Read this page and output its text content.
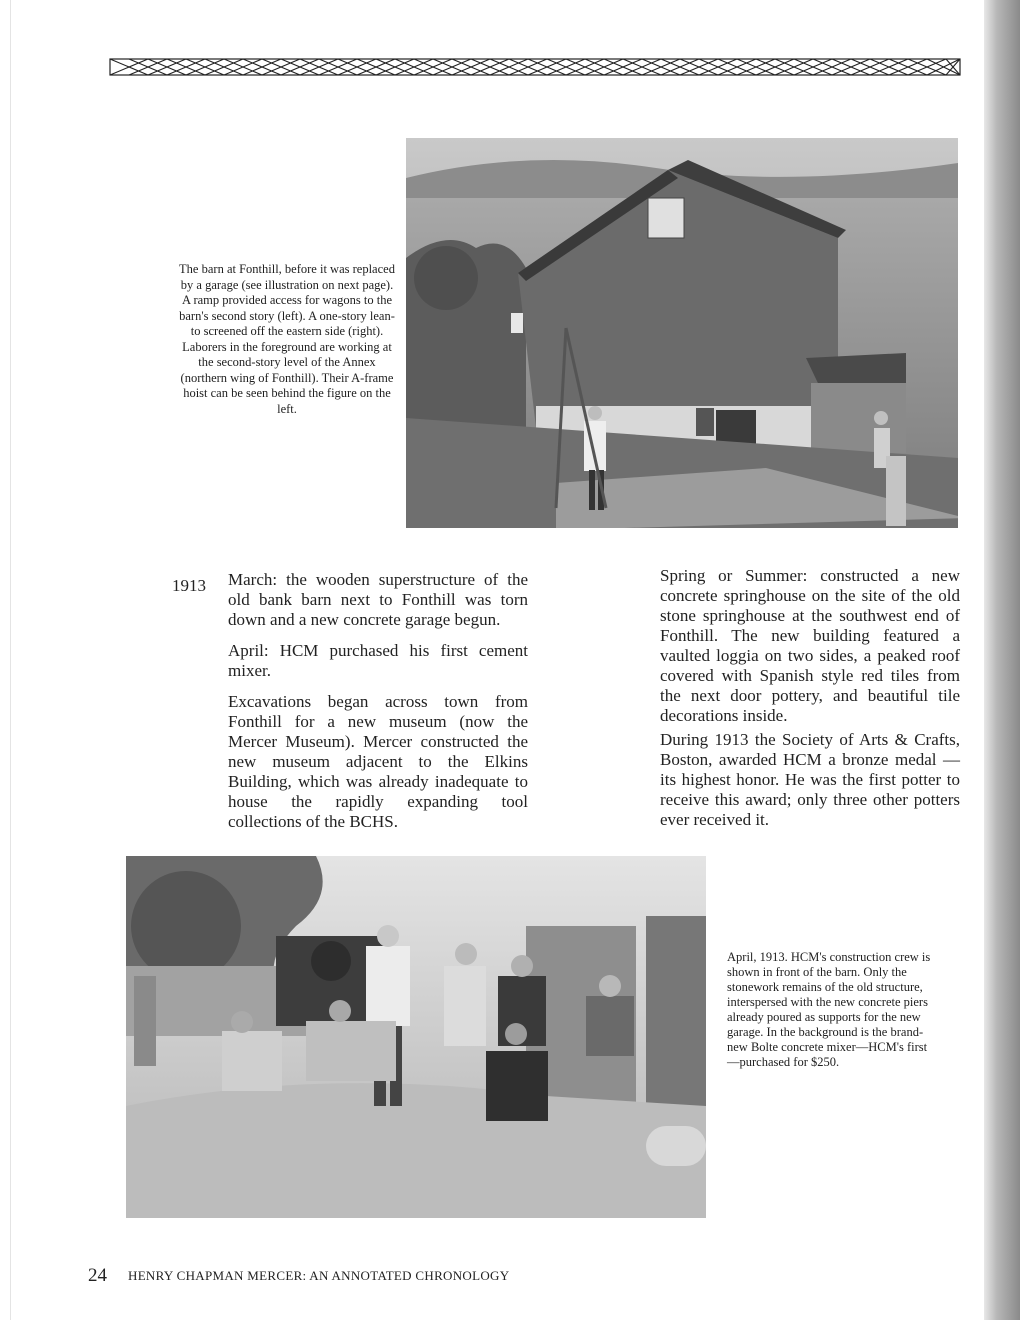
The barn at Fonthill, before it was replaced by a garage (see illustration on next page). A ramp provided access for wagons to the barn's second story (left). A one-story lean-to screened off the eastern side (right). Laborers in the foreground are working at the second-story level of the Annex (northern wing of Fonthill). Their A-frame hoist can be seen behind the figure on the left.
1913 March: the wooden superstructure of the old bank barn next to Fonthill was torn down and a new concrete garage begun.

April: HCM purchased his first cement mixer.

Excavations began across town from Fonthill for a new museum (now the Mercer Museum). Mercer constructed the new museum adjacent to the Elkins Building, which was already inadequate to house the rapidly expanding tool collections of the BCHS.

Spring or Summer: constructed a new concrete springhouse on the site of the old stone springhouse at the southwest end of Fonthill. The new building featured a vaulted loggia on two sides, a peaked roof covered with Spanish style red tiles from the next door pottery, and beautiful tile decorations inside.

During 1913 the Society of Arts & Crafts, Boston, awarded HCM a bronze medal —its highest honor. He was the first potter to receive this award; only three other potters ever received it.

April, 1913. HCM's construction crew is shown in front of the barn. Only the stonework remains of the old structure, interspersed with the new concrete piers already poured as supports for the new garage. In the background is the brand-new Bolte concrete mixer—HCM's first—purchased for $250.
24 HENRY CHAPMAN MERCER: AN ANNOTATED CHRONOLOGY
